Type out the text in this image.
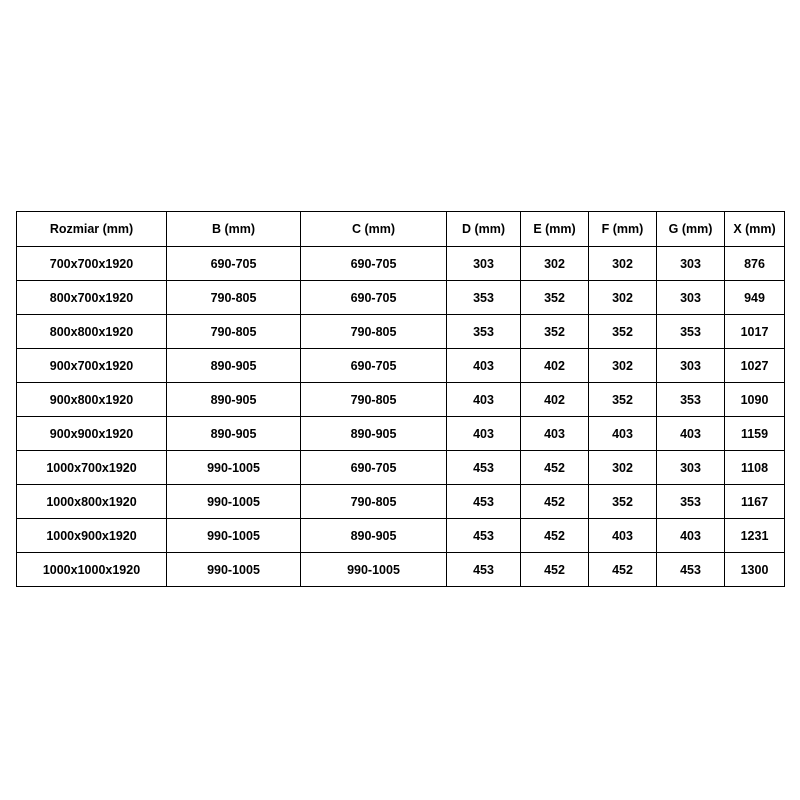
Rozmiar (mm)	B (mm)	C (mm)	D (mm)	E (mm)	F (mm)	G (mm)	X (mm)
700x700x1920	690-705	690-705	303	302	302	303	876
800x700x1920	790-805	690-705	353	352	302	303	949
800x800x1920	790-805	790-805	353	352	352	353	1017
900x700x1920	890-905	690-705	403	402	302	303	1027
900x800x1920	890-905	790-805	403	402	352	353	1090
900x900x1920	890-905	890-905	403	403	403	403	1159
1000x700x1920	990-1005	690-705	453	452	302	303	1108
1000x800x1920	990-1005	790-805	453	452	352	353	1167
1000x900x1920	990-1005	890-905	453	452	403	403	1231
1000x1000x1920	990-1005	990-1005	453	452	452	453	1300
